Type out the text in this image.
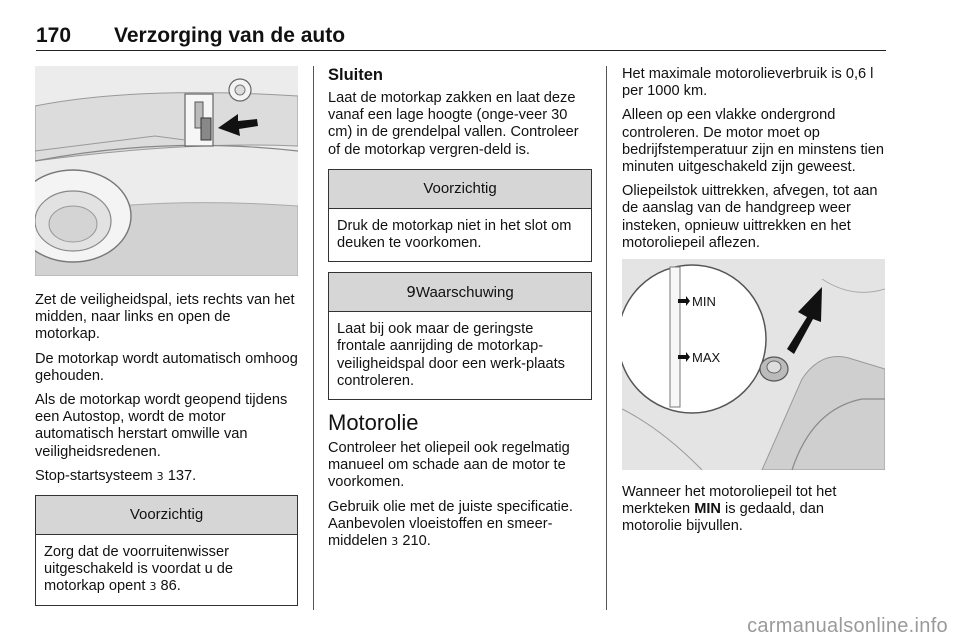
170 Verzorging van de auto

Zet de veiligheidspal, iets rechts van het midden, naar links en open de motorkap.

De motorkap wordt automatisch omhoog gehouden.

Als de motorkap wordt geopend tijdens een Autostop, wordt de motor automatisch herstart omwille van veiligheidsredenen.

Stop-startsysteem 3 137.

Voorzichtig

Zorg dat de voorruitenwisser uitgeschakeld is voordat u de motorkap opent 3 86.

Sluiten

Laat de motorkap zakken en laat deze vanaf een lage hoogte (onge-veer 30 cm) in de grendelpal vallen. Controleer of de motorkap vergren-deld is.

Voorzichtig

Druk de motorkap niet in het slot om deuken te voorkomen.

9Waarschuwing

Laat bij ook maar de geringste frontale aanrijding de motorkap-veiligheidspal door een werk-plaats controleren.

Motorolie

Controleer het oliepeil ook regelmatig manueel om schade aan de motor te voorkomen.

Gebruik olie met de juiste specificatie. Aanbevolen vloeistoffen en smeer-middelen 3 210.

Het maximale motorolieverbruik is 0,6 l per 1000 km.

Alleen op een vlakke ondergrond controleren. De motor moet op bedrijfstemperatuur zijn en minstens tien minuten uitgeschakeld zijn geweest.

Oliepeilstok uittrekken, afvegen, tot aan de aanslag van de handgreep weer insteken, opnieuw uittrekken en het motoroliepeil aflezen.

MIN
MAX

Wanneer het motoroliepeil tot het merkteken MIN is gedaald, dan motorolie bijvullen.

carmanualsonline.info
